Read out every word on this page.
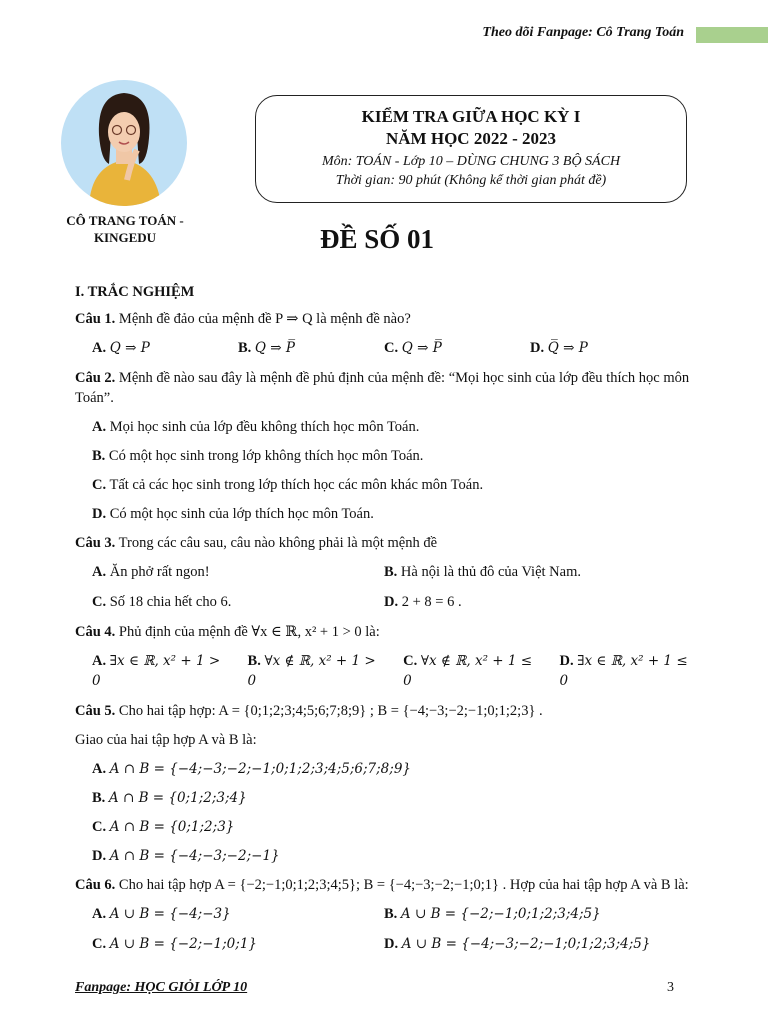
Theo dõi Fanpage: Cô Trang Toán
CÔ TRANG TOÁN - KINGEDU
KIỂM TRA GIỮA HỌC KỲ I
NĂM HỌC 2022 - 2023
Môn: TOÁN - Lớp 10 – DÙNG CHUNG 3 BỘ SÁCH
Thời gian: 90 phút (Không kể thời gian phát đề)
ĐỀ SỐ 01
I. TRẮC NGHIỆM
Câu 1. Mệnh đề đảo của mệnh đề P ⇒ Q là mệnh đề nào?
A. Q ⇒ P	B. Q ⇒ P̅	C. Q ⇒ P̅	D. Q̅ ⇒ P
Câu 2. Mệnh đề nào sau đây là mệnh đề phủ định của mệnh đề: “Mọi học sinh của lớp đều thích học môn Toán”.
A. Mọi học sinh của lớp đều không thích học môn Toán.
B. Có một học sinh trong lớp không thích học môn Toán.
C. Tất cả các học sinh trong lớp thích học các môn khác môn Toán.
D. Có một học sinh của lớp thích học môn Toán.
Câu 3. Trong các câu sau, câu nào không phải là một mệnh đề
A. Ăn phở rất ngon!	B. Hà nội là thủ đô của Việt Nam.
C. Số 18 chia hết cho 6.	D. 2 + 8 = 6 .
Câu 4. Phủ định của mệnh đề ∀x ∈ ℝ, x² + 1 > 0 là:
A. ∃x ∈ ℝ, x² + 1 > 0
B. ∀x ∉ ℝ, x² + 1 > 0
C. ∀x ∉ ℝ, x² + 1 ≤ 0
D. ∃x ∈ ℝ, x² + 1 ≤ 0
Câu 5. Cho hai tập hợp: A = {0;1;2;3;4;5;6;7;8;9} ; B = {−4;−3;−2;−1;0;1;2;3} .
Giao của hai tập hợp A và B là:
A. A ∩ B = {−4;−3;−2;−1;0;1;2;3;4;5;6;7;8;9}
B. A ∩ B = {0;1;2;3;4}
C. A ∩ B = {0;1;2;3}
D. A ∩ B = {−4;−3;−2;−1}
Câu 6. Cho hai tập hợp A = {−2;−1;0;1;2;3;4;5}; B = {−4;−3;−2;−1;0;1} . Hợp của hai tập hợp A và B là:
A. A ∪ B = {−4;−3}	B. A ∪ B = {−2;−1;0;1;2;3;4;5}
C. A ∪ B = {−2;−1;0;1}	D. A ∪ B = {−4;−3;−2;−1;0;1;2;3;4;5}
Fanpage: HỌC GIỎI LỚP 10	3
